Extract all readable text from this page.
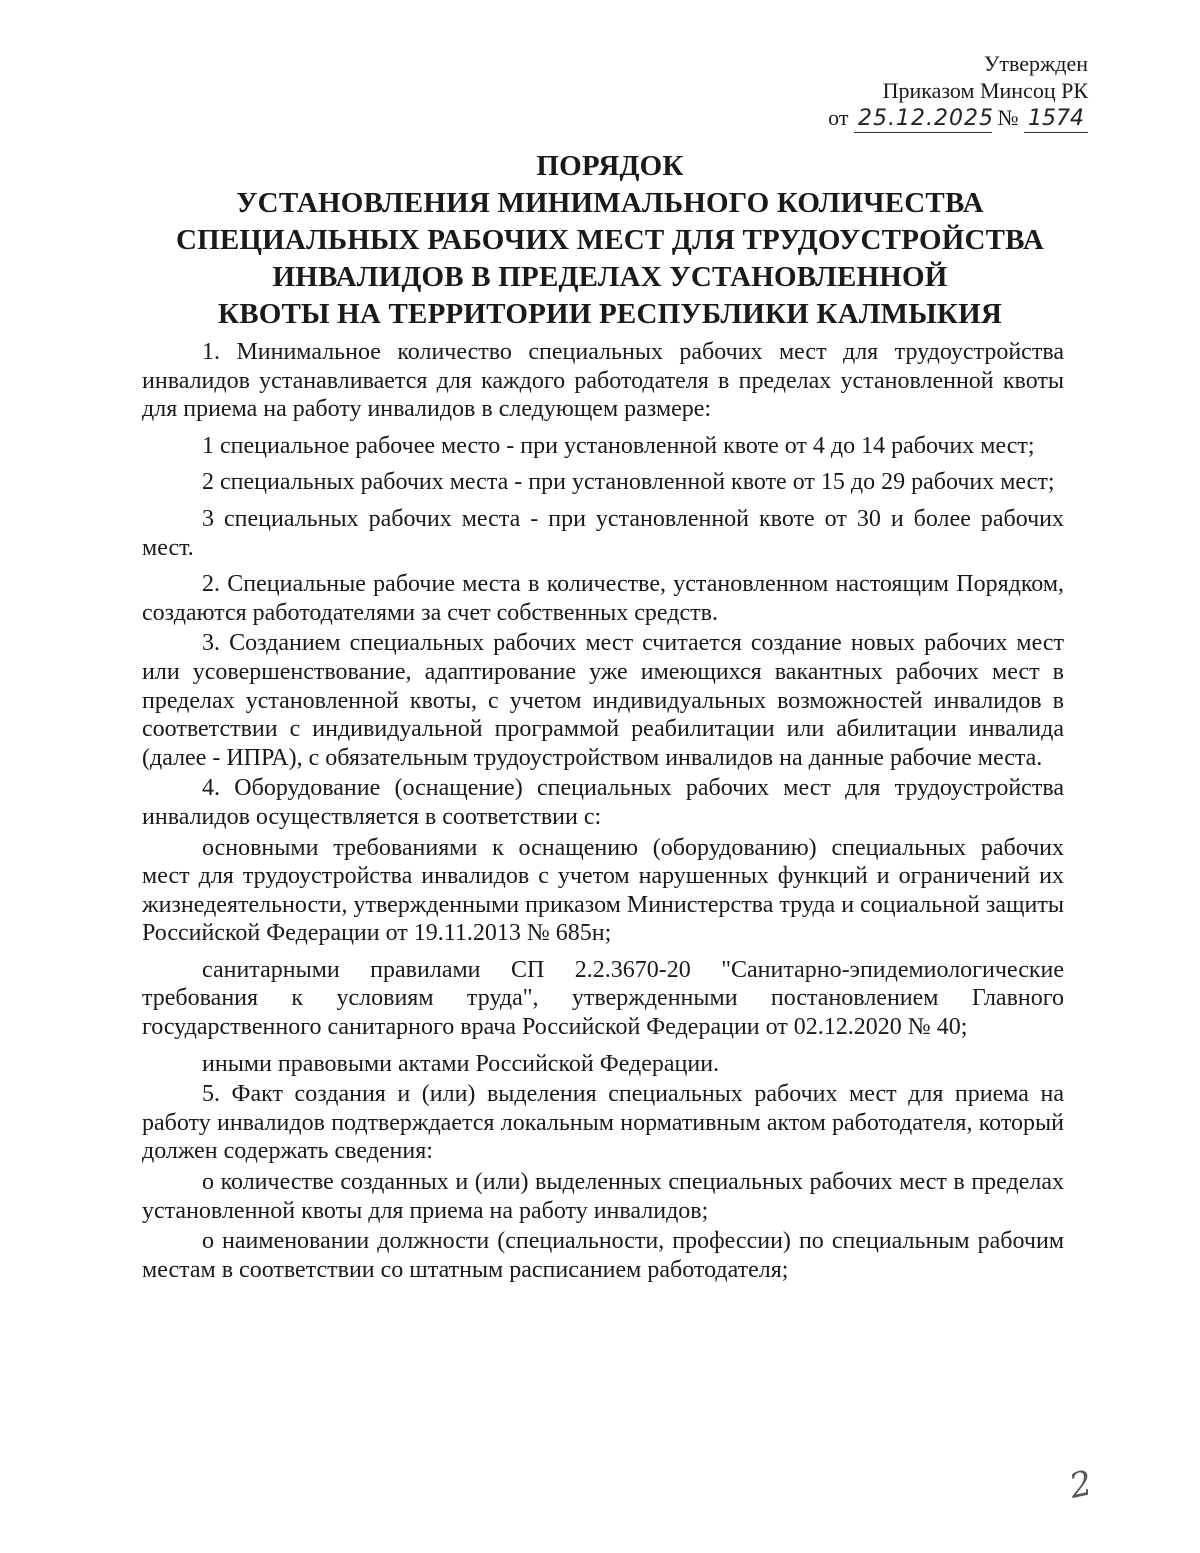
Утвержден
Приказом Минсоц РК
от 25.12.2025 № 1574
ПОРЯДОК
УСТАНОВЛЕНИЯ МИНИМАЛЬНОГО КОЛИЧЕСТВА
СПЕЦИАЛЬНЫХ РАБОЧИХ МЕСТ ДЛЯ ТРУДОУСТРОЙСТВА
ИНВАЛИДОВ В ПРЕДЕЛАХ УСТАНОВЛЕННОЙ
КВОТЫ НА ТЕРРИТОРИИ РЕСПУБЛИКИ КАЛМЫКИЯ

1. Минимальное количество специальных рабочих мест для трудоустройства инвалидов устанавливается для каждого работодателя в пределах установленной квоты для приема на работу инвалидов в следующем размере:

1 специальное рабочее место - при установленной квоте от 4 до 14 рабочих мест;

2 специальных рабочих места - при установленной квоте от 15 до 29 рабочих мест;

3 специальных рабочих места - при установленной квоте от 30 и более рабочих мест.

2. Специальные рабочие места в количестве, установленном настоящим Порядком, создаются работодателями за счет собственных средств.

3. Созданием специальных рабочих мест считается создание новых рабочих мест или усовершенствование, адаптирование уже имеющихся вакантных рабочих мест в пределах установленной квоты, с учетом индивидуальных возможностей инвалидов в соответствии с индивидуальной программой реабилитации или абилитации инвалида (далее - ИПРА), с обязательным трудоустройством инвалидов на данные рабочие места.

4. Оборудование (оснащение) специальных рабочих мест для трудоустройства инвалидов осуществляется в соответствии с:

основными требованиями к оснащению (оборудованию) специальных рабочих мест для трудоустройства инвалидов с учетом нарушенных функций и ограничений их жизнедеятельности, утвержденными приказом Министерства труда и социальной защиты Российской Федерации от 19.11.2013 № 685н;

санитарными правилами СП 2.2.3670-20 "Санитарно-эпидемиологические требования к условиям труда", утвержденными постановлением Главного государственного санитарного врача Российской Федерации от 02.12.2020 № 40;

иными правовыми актами Российской Федерации.

5. Факт создания и (или) выделения специальных рабочих мест для приема на работу инвалидов подтверждается локальным нормативным актом работодателя, который должен содержать сведения:

о количестве созданных и (или) выделенных специальных рабочих мест в пределах установленной квоты для приема на работу инвалидов;

о наименовании должности (специальности, профессии) по специальным рабочим местам в соответствии со штатным расписанием работодателя;

2
